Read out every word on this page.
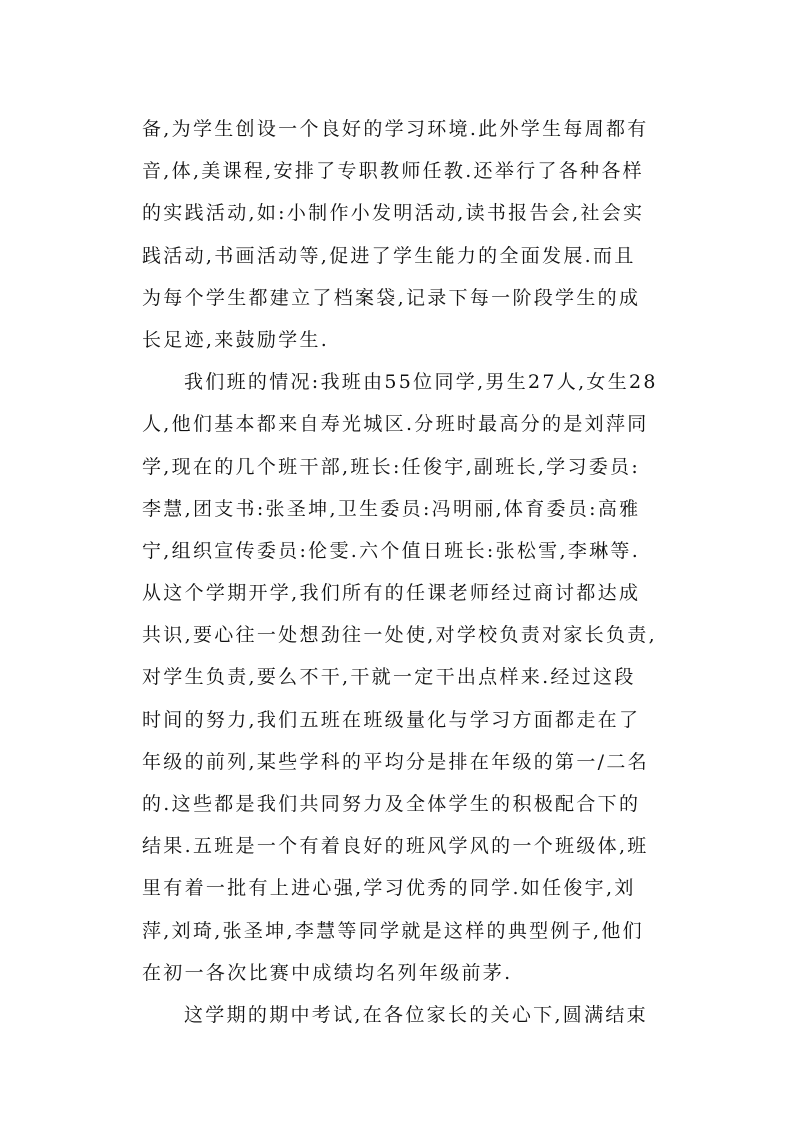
备,为学生创设一个良好的学习环境.此外学生每周都有
音,体,美课程,安排了专职教师任教.还举行了各种各样
的实践活动,如:小制作小发明活动,读书报告会,社会实
践活动,书画活动等,促进了学生能力的全面发展.而且
为每个学生都建立了档案袋,记录下每一阶段学生的成
长足迹,来鼓励学生.
我们班的情况:我班由55位同学,男生27人,女生28
人,他们基本都来自寿光城区.分班时最高分的是刘萍同
学,现在的几个班干部,班长:任俊宇,副班长,学习委员:
李慧,团支书:张圣坤,卫生委员:冯明丽,体育委员:高雅
宁,组织宣传委员:伦雯.六个值日班长:张松雪,李琳等.
从这个学期开学,我们所有的任课老师经过商讨都达成
共识,要心往一处想劲往一处使,对学校负责对家长负责,
对学生负责,要么不干,干就一定干出点样来.经过这段
时间的努力,我们五班在班级量化与学习方面都走在了
年级的前列,某些学科的平均分是排在年级的第一/二名
的.这些都是我们共同努力及全体学生的积极配合下的
结果.五班是一个有着良好的班风学风的一个班级体,班
里有着一批有上进心强,学习优秀的同学.如任俊宇,刘
萍,刘琦,张圣坤,李慧等同学就是这样的典型例子,他们
在初一各次比赛中成绩均名列年级前茅.
这学期的期中考试,在各位家长的关心下,圆满结束
